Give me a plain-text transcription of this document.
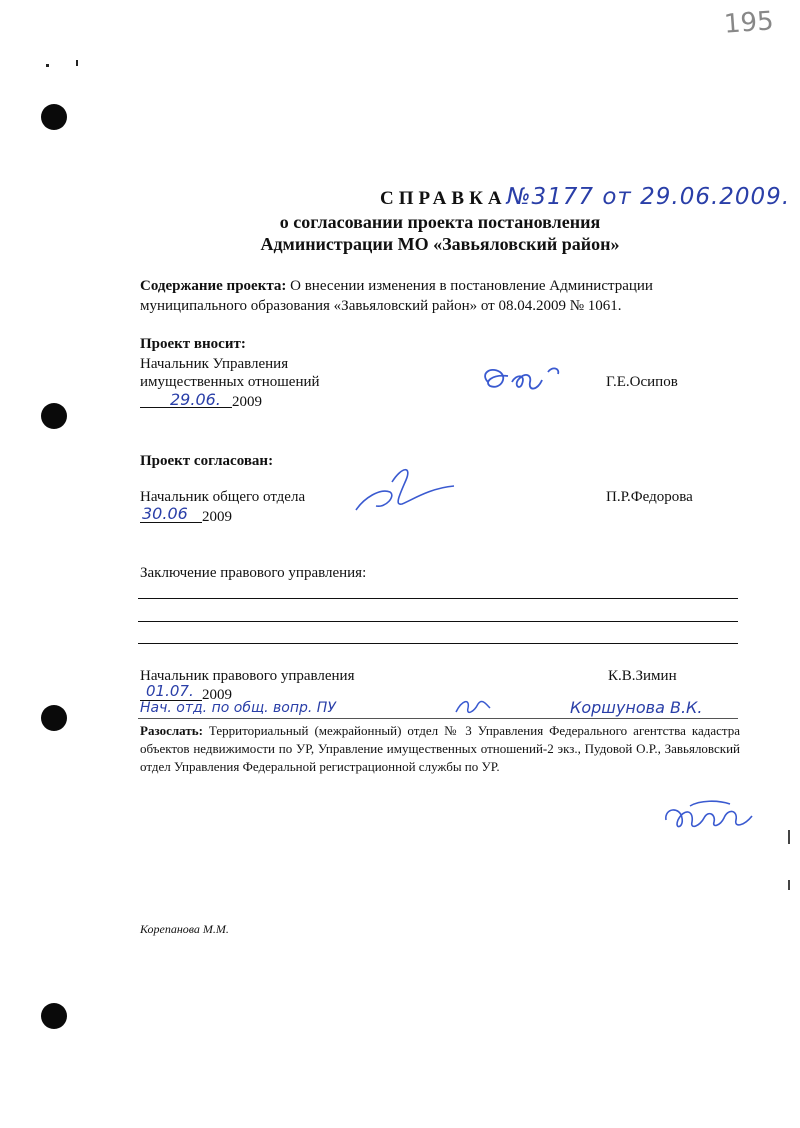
195
СПРАВКА№3177 от 29.06.2009.
о согласовании проекта постановления
Администрации МО «Завьяловский район»
Содержание проекта: О внесении изменения в постановление Администрации
муниципального образования «Завьяловский район» от 08.04.2009 № 1061.
Проект вносит:
Начальник Управления
имущественных отношений	Г.Е.Осипов
29.06. 2009
Проект согласован:
Начальник общего отдела	П.Р.Федорова
30.06 2009
Заключение правового управления:
Начальник правового управления	К.В.Зимин
01.07. 2009
Нач. отд. по общ. вопр. ПУ	Коршунова В.К.
Разослать: Территориальный (межрайонный) отдел № 3 Управления Федерального агентства кадастра объектов недвижимости по УР, Управление имущественных отношений-2 экз., Пудовой О.Р., Завьяловский отдел Управления Федеральной регистрационной службы по УР.
Корепанова М.М.
